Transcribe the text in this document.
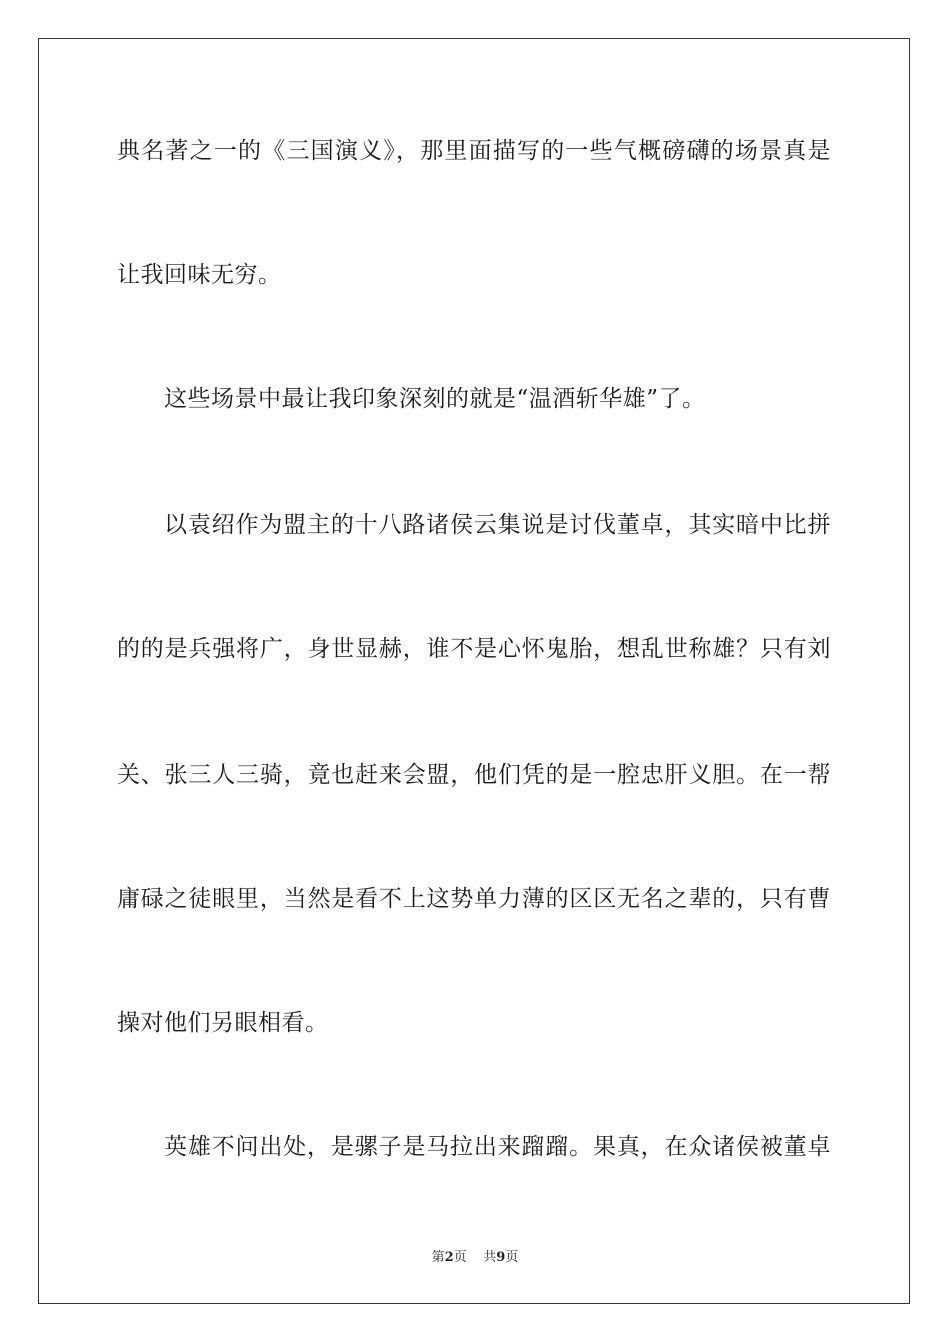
典名著之一的《三国演义》，那里面描写的一些气概磅礴的场景真是
让我回味无穷。
这些场景中最让我印象深刻的就是“温酒斩华雄”了。
以袁绍作为盟主的十八路诸侯云集说是讨伐董卓，其实暗中比拼
的的是兵强将广，身世显赫，谁不是心怀鬼胎，想乱世称雄？只有刘
关、张三人三骑，竟也赶来会盟，他们凭的是一腔忠肝义胆。在一帮
庸碌之徒眼里，当然是看不上这势单力薄的区区无名之辈的，只有曹
操对他们另眼相看。
英雄不问出处，是骡子是马拉出来蹓蹓。果真，在众诸侯被董卓
第2页 共9页
